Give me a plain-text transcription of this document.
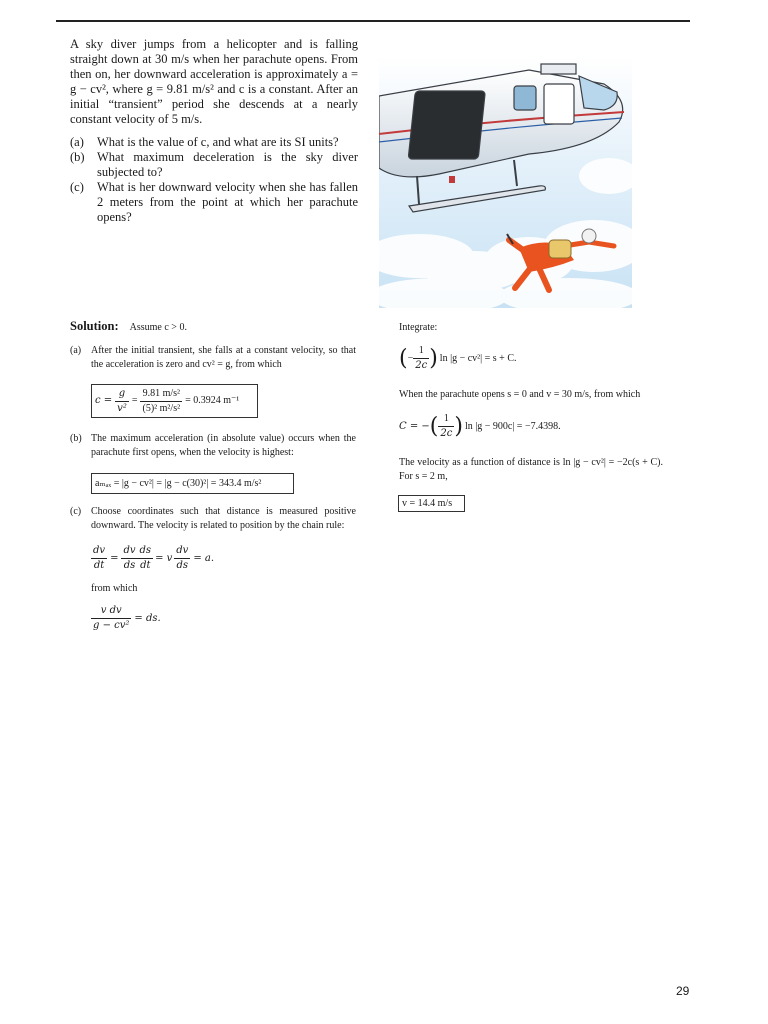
A sky diver jumps from a helicopter and is falling straight down at 30 m/s when her parachute opens. From then on, her downward acceleration is approximately a = g − cv², where g = 9.81 m/s² and c is a constant. After an initial “transient” period she descends at a nearly constant velocity of 5 m/s.

(a)	What is the value of c, and what are its SI units?
(b) What maximum deceleration is the sky diver subjected to?
(c)	What is her downward velocity when she has fallen 2 meters from the point at which her parachute opens?
Solution: Assume c > 0.
(a) After the initial transient, she falls at a constant velocity, so that the acceleration is zero and cv² = g, from which
$c = \frac{g}{\text{v²}} = \frac{\text{9.81 m/s²}}{\text{(5)² m²/s²}} = 0.3924$ m⁻¹
(b) The maximum acceleration (in absolute value) occurs when the parachute first opens, when the velocity is highest:
aₘₐₓ = |g − cv²| = |g − c(30)²| = 343.4 m/s²
(c) Choose coordinates such that distance is measured positive downward. The velocity is related to position by the chain rule:
$\frac{dv}{dt} = \frac{dv}{ds} \frac{ds}{dt} = v \frac{dv}{ds} = a$.
from which
$\frac{\text{v dv}}{\text{g − cv²}}$ = ds.
Integrate:
( − $\frac{1}{2c}$ ) ln |g − cv²| = s + C.
When the parachute opens s = 0 and v = 30 m/s, from which
C = − ( $\frac{1}{2c}$ ) ln |g − 900c| = −7.4398.
The velocity as a function of distance is ln |g − cv²| = −2c(s + C). For s = 2 m,
v = 14.4 m/s
29
